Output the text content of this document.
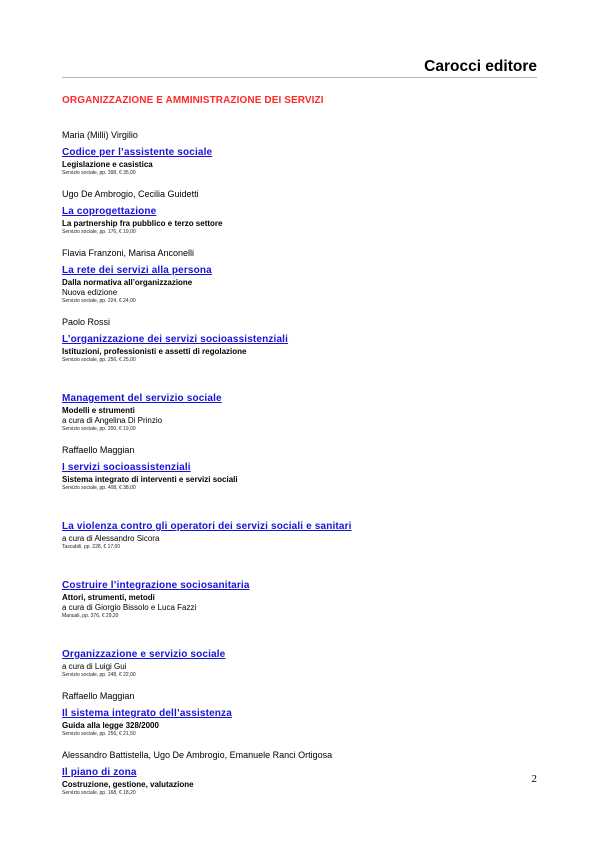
Carocci editore
ORGANIZZAZIONE E AMMINISTRAZIONE DEI SERVIZI
Maria (Milli) Virgilio
Codice per l’assistente sociale
Legislazione e casistica
Servizio sociale, pp. 398, € 35,00
Ugo De Ambrogio, Cecilia Guidetti
La coprogettazione
La partnership fra pubblico e terzo settore
Servizio sociale, pp. 176, € 19,00
Flavia Franzoni, Marisa Anconelli
La rete dei servizi alla persona
Dalla normativa all’organizzazione
Nuova edizione
Servizio sociale, pp. 224, € 24,00
Paolo Rossi
L’organizzazione dei servizi socioassistenziali
Istituzioni, professionisti e assetti di regolazione
Servizio sociale, pp. 256, € 25,00
Management del servizio sociale
Modelli e strumenti
a cura di Angelina Di Prinzio
Servizio sociale, pp. 200, € 19,00
Raffaello Maggian
I servizi socioassistenziali
Sistema integrato di interventi e servizi sociali
Servizio sociale, pp. 408, € 38,00
La violenza contro gli operatori dei servizi sociali e sanitari
a cura di Alessandro Sicora
Tascabili, pp. 228, € 17,00
Costruire l’integrazione sociosanitaria
Attori, strumenti, metodi
a cura di Giorgio Bissolo e Luca Fazzi
Manuali, pp. 376, € 29,20
Organizzazione e servizio sociale
a cura di Luigi Gui
Servizio sociale, pp. 248, € 22,00
Raffaello Maggian
Il sistema integrato dell’assistenza
Guida alla legge 328/2000
Servizio sociale, pp. 256, € 21,50
Alessandro Battistella, Ugo De Ambrogio, Emanuele Ranci Ortigosa
Il piano di zona
Costruzione, gestione, valutazione
Servizio sociale, pp. 168, € 18,20
2
